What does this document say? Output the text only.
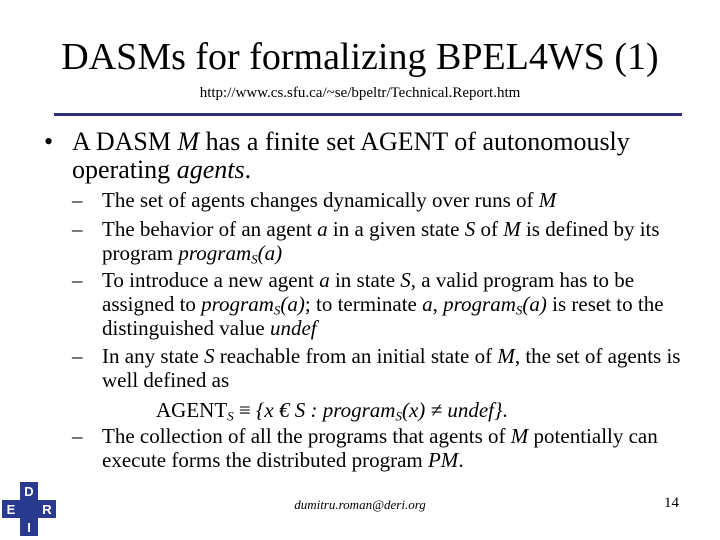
DASMs for formalizing BPEL4WS (1)
http://www.cs.sfu.ca/~se/bpeltr/Technical.Report.htm
• A DASM M has a finite set AGENT of autonomously operating agents.
– The set of agents changes dynamically over runs of M
– The behavior of an agent a in a given state S of M is defined by its program program$_S$(a)
– To introduce a new agent a in state S, a valid program has to be assigned to program$_S$(a); to terminate a, program$_S$(a) is reset to the distinguished value undef
– In any state S reachable from an initial state of M, the set of agents is well defined as
$AGENT_S \equiv \{x$ € S : program$_S$(x) ≠ undef}.
– The collection of all the programs that agents of M potentially can execute forms the distributed program PM.
D
E R
I
dumitru.roman@deri.org	14
